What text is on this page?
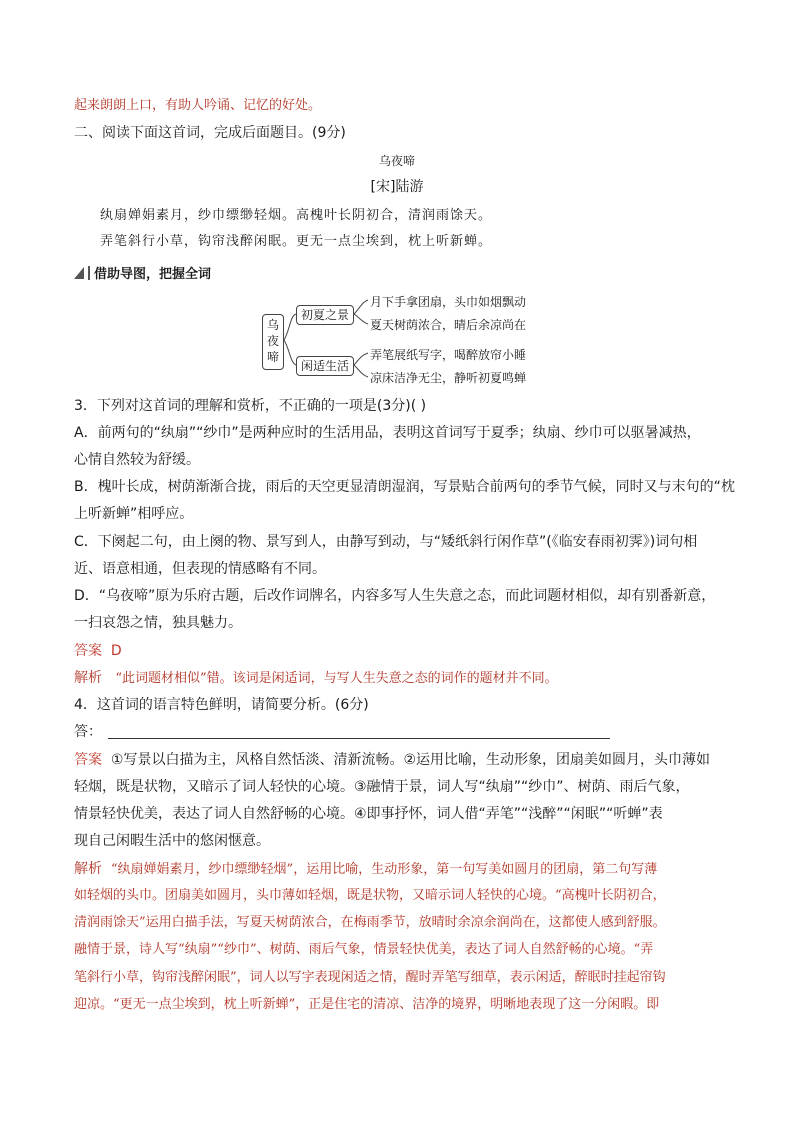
起来朗朗上口，有助人吟诵、记忆的好处。
二、阅读下面这首词，完成后面题目。(9分)
乌夜啼
[宋]陆游
纨扇婵娟素月，纱巾缥缈轻烟。高槐叶长阴初合，清润雨馀天。
弄笔斜行小草，钩帘浅醉闲眠。更无一点尘埃到，枕上听新蝉。
借助导图，把握全词
乌
夜
啼
初夏之景
闲适生活
月下手拿团扇，头巾如烟飘动
夏天树荫浓合，晴后余凉尚在
弄笔展纸写字，喝醉放帘小睡
凉床洁净无尘，静听初夏鸣蝉
3．下列对这首词的理解和赏析，不正确的一项是(3分)( )
A．前两句的“纨扇”“纱巾”是两种应时的生活用品，表明这首词写于夏季；纨扇、纱巾可以驱暑减热，
心情自然较为舒缓。
B．槐叶长成，树荫渐渐合拢，雨后的天空更显清朗湿润，写景贴合前两句的季节气候，同时又与末句的“枕
上听新蝉”相呼应。
C．下阕起二句，由上阕的物、景写到人，由静写到动，与“矮纸斜行闲作草”(《临安春雨初霁》)词句相
近、语意相通，但表现的情感略有不同。
D．“乌夜啼”原为乐府古题，后改作词牌名，内容多写人生失意之态，而此词题材相似，却有别番新意，
一扫哀怨之情，独具魅力。
答案 D
解析 “此词题材相似”错。该词是闲适词，与写人生失意之态的词作的题材并不同。
4．这首词的语言特色鲜明，请简要分析。(6分)
答：
答案 ①写景以白描为主，风格自然恬淡、清新流畅。②运用比喻，生动形象，团扇美如圆月，头巾薄如
轻烟，既是状物，又暗示了词人轻快的心境。③融情于景，词人写“纨扇”“纱巾”、树荫、雨后气象，
情景轻快优美，表达了词人自然舒畅的心境。④即事抒怀，词人借“弄笔”“浅醉”“闲眠”“听蝉”表
现自己闲暇生活中的悠闲惬意。
解析 “纨扇婵娟素月，纱巾缥缈轻烟”，运用比喻，生动形象，第一句写美如圆月的团扇，第二句写薄
如轻烟的头巾。团扇美如圆月，头巾薄如轻烟，既是状物，又暗示词人轻快的心境。“高槐叶长阴初合，
清润雨馀天”运用白描手法，写夏天树荫浓合，在梅雨季节，放晴时余凉余润尚在，这都使人感到舒服。
融情于景，诗人写“纨扇”“纱巾”、树荫、雨后气象，情景轻快优美，表达了词人自然舒畅的心境。“弄
笔斜行小草，钩帘浅醉闲眠”，词人以写字表现闲适之情，醒时弄笔写细草，表示闲适，醉眠时挂起帘钩
迎凉。“更无一点尘埃到，枕上听新蝉”，正是住宅的清凉、洁净的境界，明晰地表现了这一分闲暇。即
